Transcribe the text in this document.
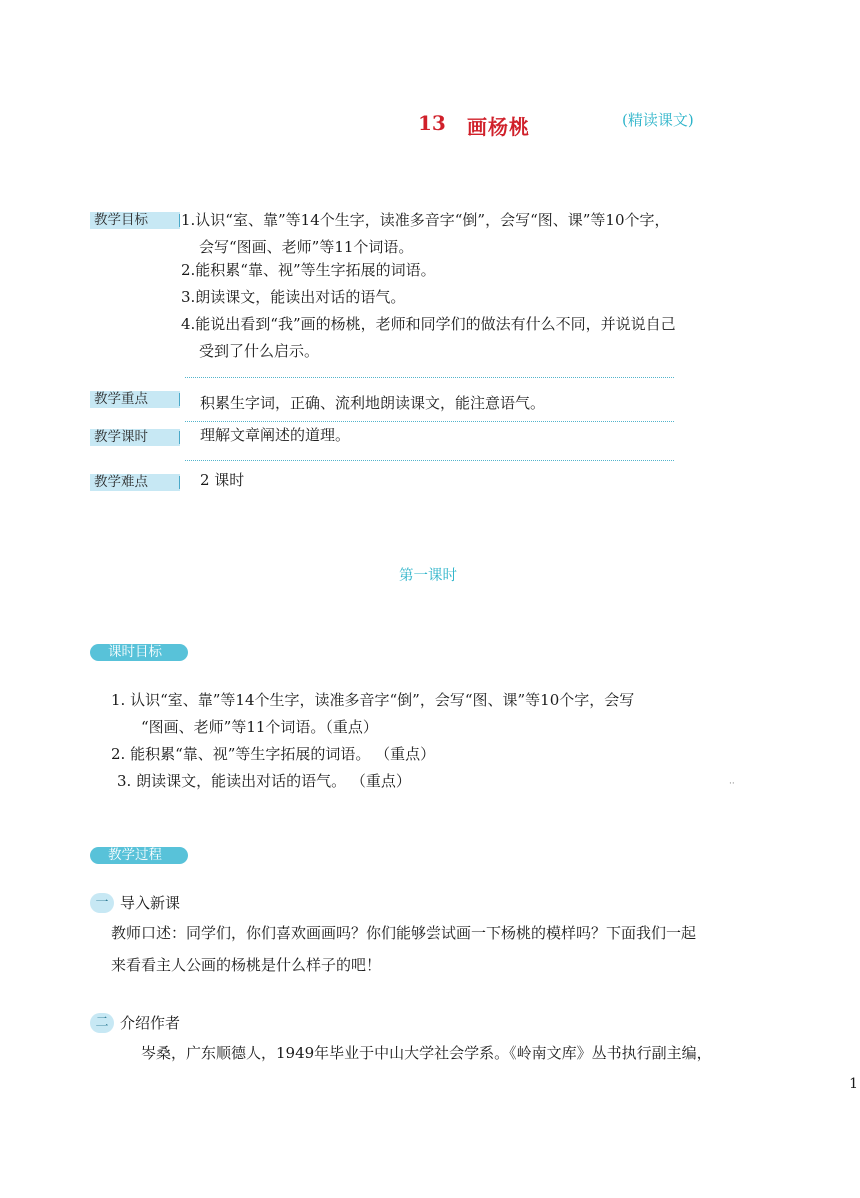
13 画杨桃	(精读课文)
教学目标	1.认识“室、靠”等14个生字，读准多音字“倒”，会写“图、课”等10个字，
会写“图画、老师”等11个词语。
2.能积累“靠、视”等生字拓展的词语。
3.朗读课文，能读出对话的语气。
4.能说出看到“我”画的杨桃，老师和同学们的做法有什么不同，并说说自己
受到了什么启示。
教学重点	积累生字词，正确、流利地朗读课文，能注意语气。
教学课时	理解文章阐述的道理。
教学难点	2 课时
第一课时
课时目标
1. 认识“室、靠”等14个生字，读准多音字“倒”，会写“图、课”等10个字，会写
“图画、老师”等11个词语。（重点）
2. 能积累“靠、视”等生字拓展的词语。 （重点）
3. 朗读课文，能读出对话的语气。 （重点）	··
教学过程
一 导入新课
教师口述：同学们，你们喜欢画画吗？你们能够尝试画一下杨桃的模样吗？下面我们一起
来看看主人公画的杨桃是什么样子的吧！
二 介绍作者
岑桑，广东顺德人，1949年毕业于中山大学社会学系。《岭南文库》丛书执行副主编，
1
